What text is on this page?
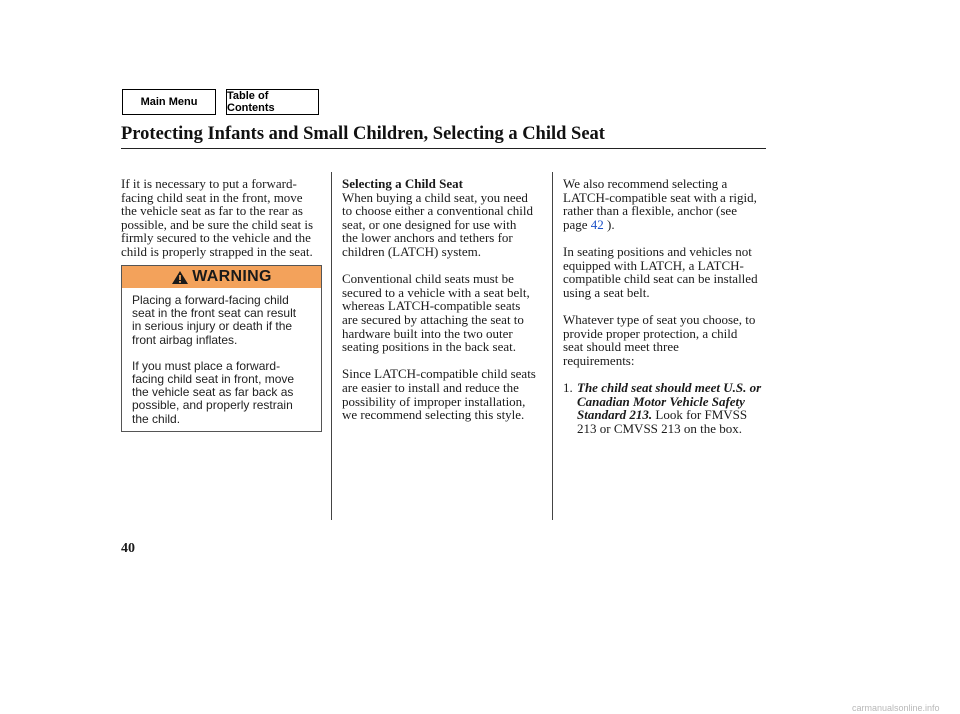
Main Menu	Table of Contents
Protecting Infants and Small Children, Selecting a Child Seat

If it is necessary to put a forward-
facing child seat in the front, move
the vehicle seat as far to the rear as
possible, and be sure the child seat is
firmly secured to the vehicle and the
child is properly strapped in the seat.

WARNING

Placing a forward-facing child
seat in the front seat can result
in serious injury or death if the
front airbag inflates.

If you must place a forward-
facing child seat in front, move
the vehicle seat as far back as
possible, and properly restrain
the child.

Selecting a Child Seat

When buying a child seat, you need
to choose either a conventional child
seat, or one designed for use with
the lower anchors and tethers for
children (LATCH) system.

Conventional child seats must be
secured to a vehicle with a seat belt,
whereas LATCH-compatible seats
are secured by attaching the seat to
hardware built into the two outer
seating positions in the back seat.

Since LATCH-compatible child seats
are easier to install and reduce the
possibility of improper installation,
we recommend selecting this style.

We also recommend selecting a
LATCH-compatible seat with a rigid,
rather than a flexible, anchor (see
page 42 ).

In seating positions and vehicles not
equipped with LATCH, a LATCH-
compatible child seat can be installed
using a seat belt.

Whatever type of seat you choose, to
provide proper protection, a child
seat should meet three
requirements:

1. The child seat should meet U.S. or
Canadian Motor Vehicle Safety
Standard 213. Look for FMVSS
213 or CMVSS 213 on the box.

40
carmanualsonline.info
